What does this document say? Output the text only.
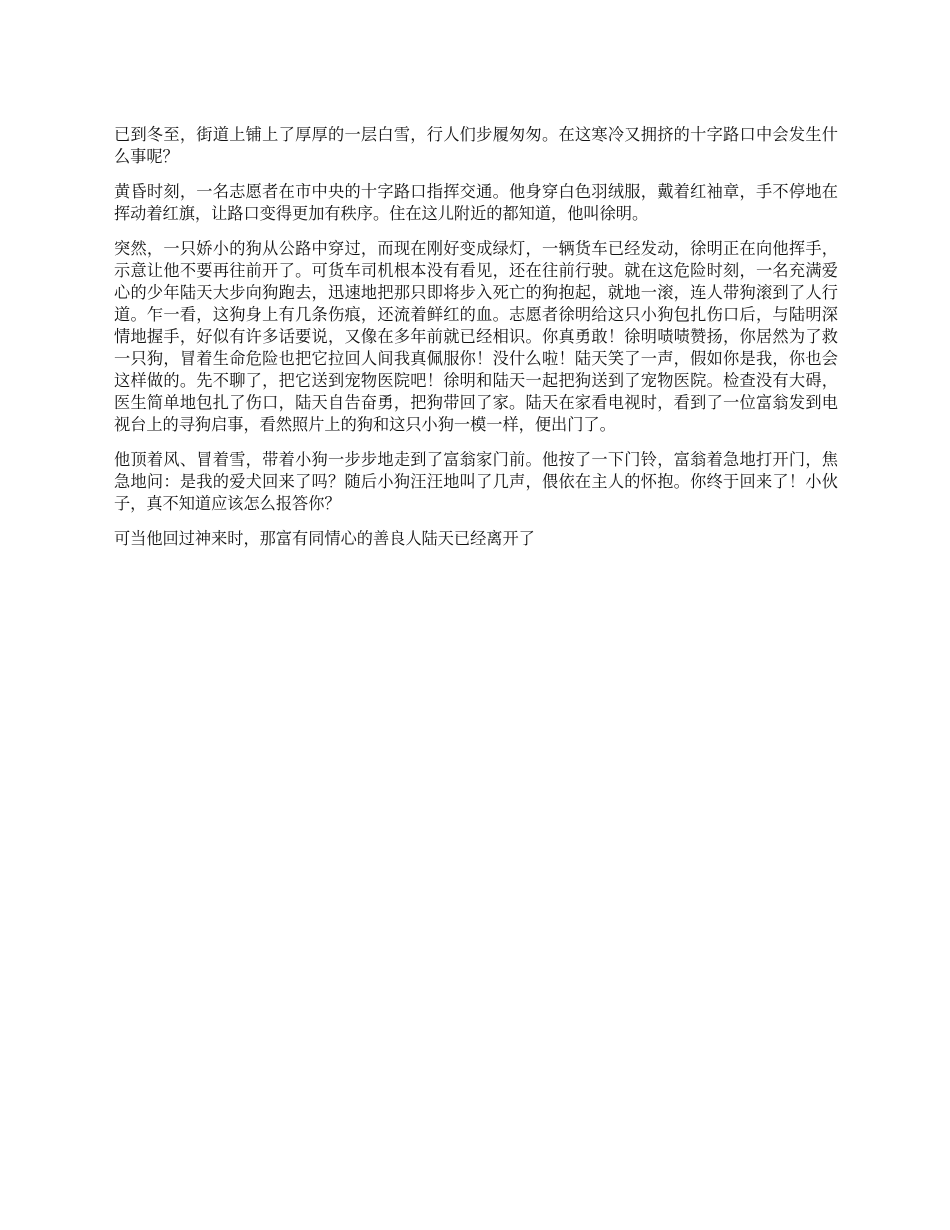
已到冬至，街道上铺上了厚厚的一层白雪，行人们步履匆匆。在这寒冷又拥挤的十字路口中会发生什么事呢？

黄昏时刻，一名志愿者在市中央的十字路口指挥交通。他身穿白色羽绒服，戴着红袖章，手不停地在挥动着红旗，让路口变得更加有秩序。住在这儿附近的都知道，他叫徐明。

突然，一只娇小的狗从公路中穿过，而现在刚好变成绿灯，一辆货车已经发动，徐明正在向他挥手，示意让他不要再往前开了。可货车司机根本没有看见，还在往前行驶。就在这危险时刻，一名充满爱心的少年陆天大步向狗跑去，迅速地把那只即将步入死亡的狗抱起，就地一滚，连人带狗滚到了人行道。乍一看，这狗身上有几条伤痕，还流着鲜红的血。志愿者徐明给这只小狗包扎伤口后，与陆明深情地握手，好似有许多话要说，又像在多年前就已经相识。你真勇敢！徐明啧啧赞扬，你居然为了救一只狗，冒着生命危险也把它拉回人间我真佩服你！没什么啦！陆天笑了一声，假如你是我，你也会这样做的。先不聊了，把它送到宠物医院吧！徐明和陆天一起把狗送到了宠物医院。检查没有大碍，医生简单地包扎了伤口，陆天自告奋勇，把狗带回了家。陆天在家看电视时，看到了一位富翁发到电视台上的寻狗启事，看然照片上的狗和这只小狗一模一样，便出门了。

他顶着风、冒着雪，带着小狗一步步地走到了富翁家门前。他按了一下门铃，富翁着急地打开门，焦急地问：是我的爱犬回来了吗？随后小狗汪汪地叫了几声，偎依在主人的怀抱。你终于回来了！小伙子，真不知道应该怎么报答你？

可当他回过神来时，那富有同情心的善良人陆天已经离开了
